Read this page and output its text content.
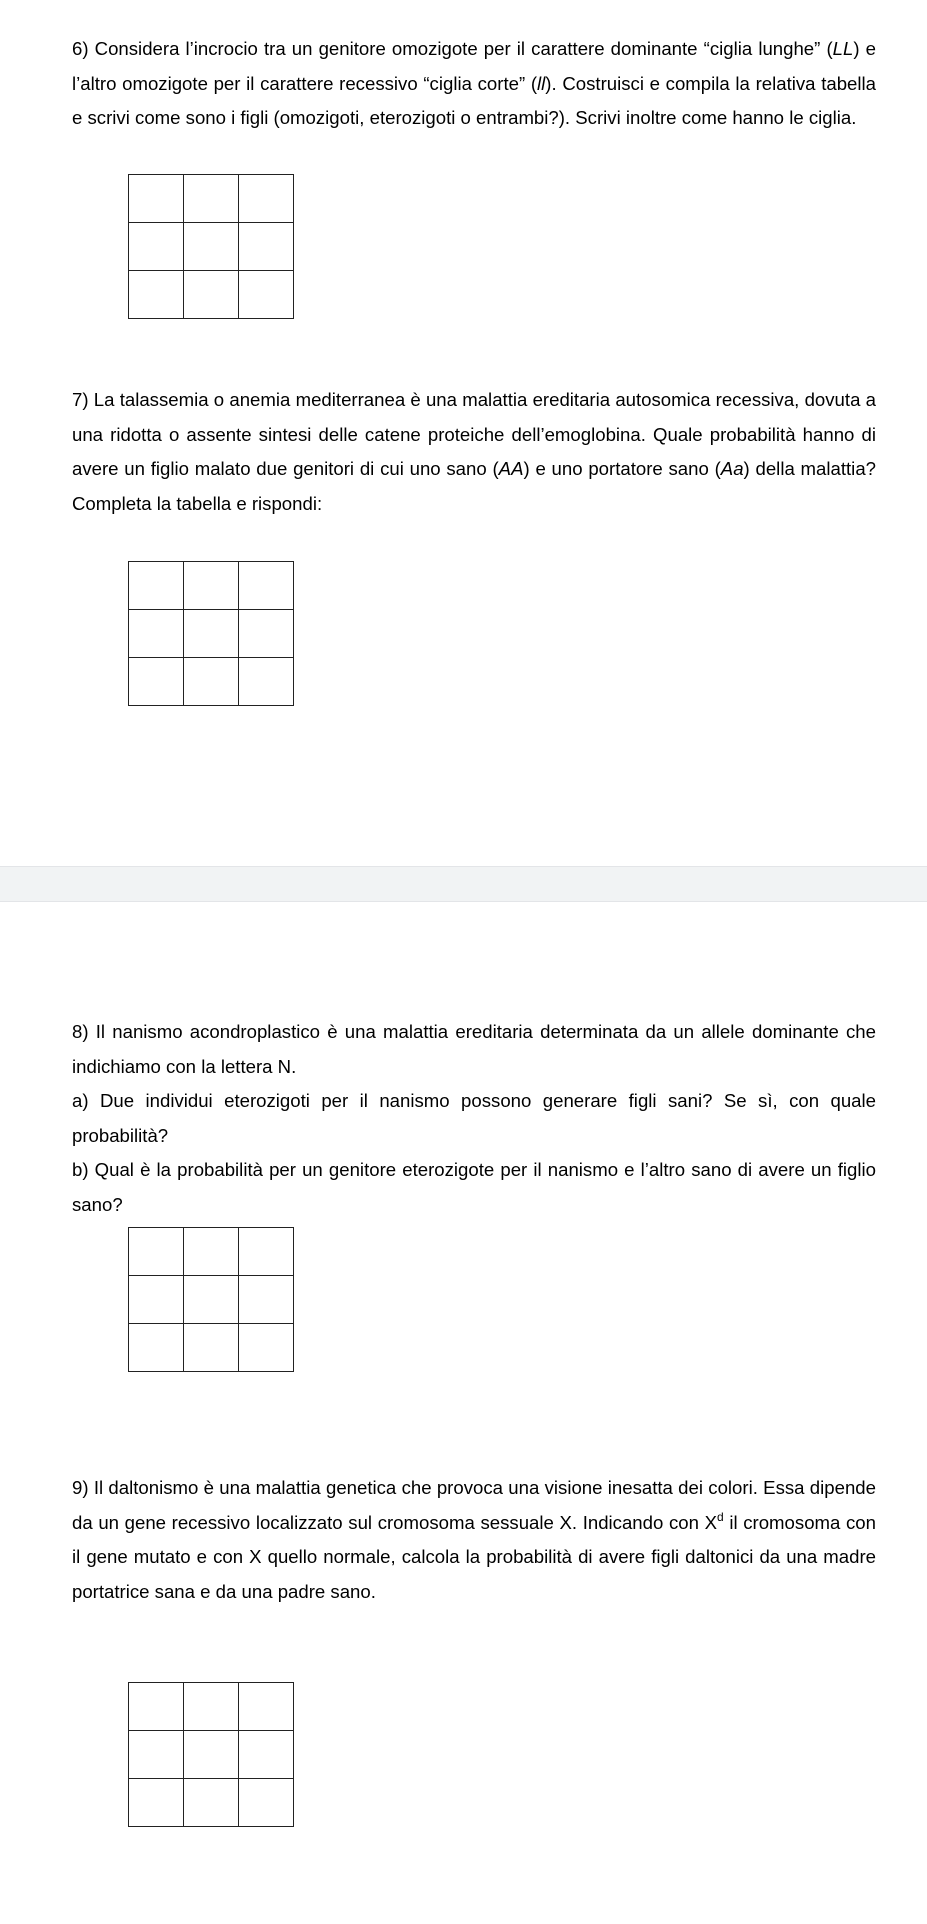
6) Considera l’incrocio tra un genitore omozigote per il carattere dominante “ciglia lunghe” (LL) e l’altro omozigote per il carattere recessivo “ciglia corte” (ll). Costruisci e compila la relativa tabella e scrivi come sono i figli (omozigoti, eterozigoti o entrambi?). Scrivi inoltre come hanno le ciglia.

7) La talassemia o anemia mediterranea è una malattia ereditaria autosomica recessiva, dovuta a una ridotta o assente sintesi delle catene proteiche dell’emoglobina. Quale probabilità hanno di avere un figlio malato due genitori di cui uno sano (AA) e uno portatore sano (Aa) della malattia? Completa la tabella e rispondi:

8) Il nanismo acondroplastico è una malattia ereditaria determinata da un allele dominante che indichiamo con la lettera N.

a) Due individui eterozigoti per il nanismo possono generare figli sani? Se sì, con quale probabilità?

b) Qual è la probabilità per un genitore eterozigote per il nanismo e l’altro sano di avere un figlio sano?

9) Il daltonismo è una malattia genetica che provoca una visione inesatta dei colori. Essa dipende da un gene recessivo localizzato sul cromosoma sessuale X. Indicando con $X^d$ il cromosoma con il gene mutato e con X quello normale, calcola la probabilità di avere figli daltonici da una madre portatrice sana e da una padre sano.
